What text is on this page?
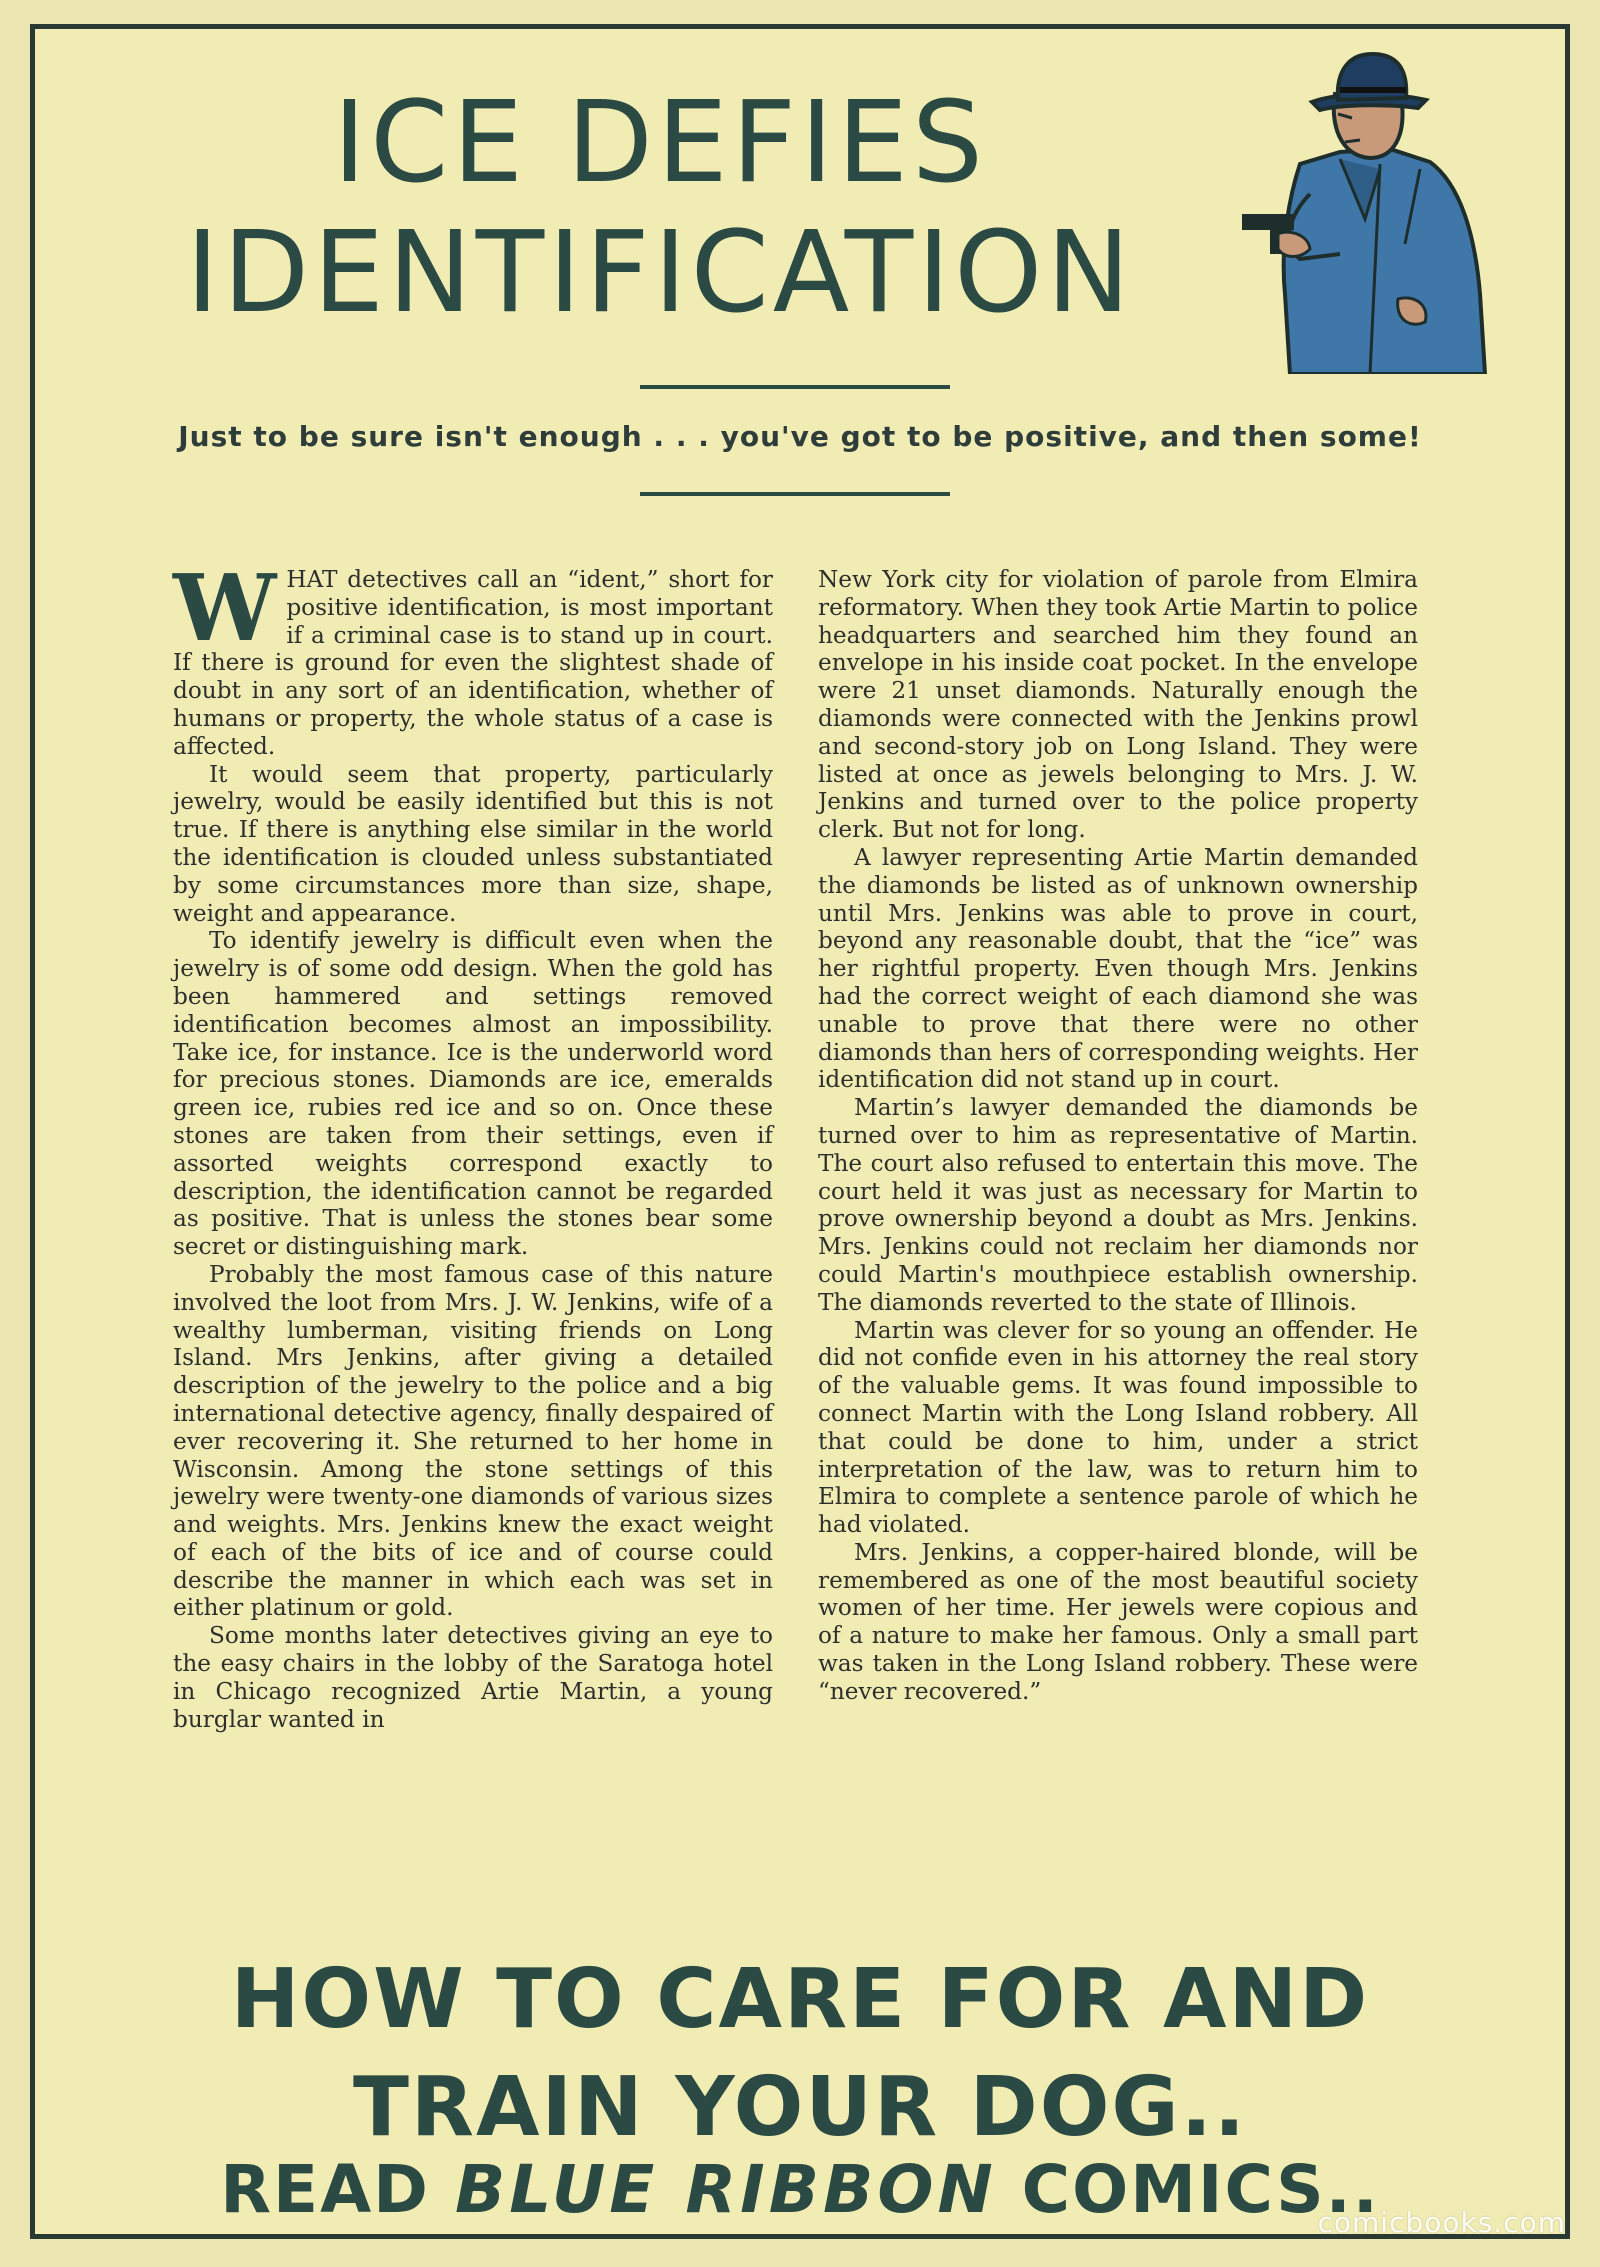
ICE DEFIES
IDENTIFICATION
Just to be sure isn't enough . . . you've got to be positive, and then some!

WHAT detectives call an “ident,” short for positive identification, is most important if a criminal case is to stand up in court. If there is ground for even the slightest shade of doubt in any sort of an identification, whether of humans or property, the whole status of a case is affected.

It would seem that property, particularly jewelry, would be easily identified but this is not true. If there is anything else similar in the world the identification is clouded unless substantiated by some circumstances more than size, shape, weight and appearance.

To identify jewelry is difficult even when the jewelry is of some odd design. When the gold has been hammered and settings removed identification becomes almost an impossibility. Take ice, for instance. Ice is the underworld word for precious stones. Diamonds are ice, emeralds green ice, rubies red ice and so on. Once these stones are taken from their settings, even if assorted weights correspond exactly to description, the identification cannot be regarded as positive. That is unless the stones bear some secret or distinguishing mark.

Probably the most famous case of this nature involved the loot from Mrs. J. W. Jenkins, wife of a wealthy lumberman, visiting friends on Long Island. Mrs Jenkins, after giving a detailed description of the jewelry to the police and a big international detective agency, finally despaired of ever recovering it. She returned to her home in Wisconsin. Among the stone settings of this jewelry were twenty-one diamonds of various sizes and weights. Mrs. Jenkins knew the exact weight of each of the bits of ice and of course could describe the manner in which each was set in either platinum or gold.

Some months later detectives giving an eye to the easy chairs in the lobby of the Saratoga hotel in Chicago recognized Artie Martin, a young burglar wanted in

New York city for violation of parole from Elmira reformatory. When they took Artie Martin to police headquarters and searched him they found an envelope in his inside coat pocket. In the envelope were 21 unset diamonds. Naturally enough the diamonds were connected with the Jenkins prowl and second-story job on Long Island. They were listed at once as jewels belonging to Mrs. J. W. Jenkins and turned over to the police property clerk. But not for long.

A lawyer representing Artie Martin demanded the diamonds be listed as of unknown ownership until Mrs. Jenkins was able to prove in court, beyond any reasonable doubt, that the “ice” was her rightful property. Even though Mrs. Jenkins had the correct weight of each diamond she was unable to prove that there were no other diamonds than hers of corresponding weights. Her identification did not stand up in court.

Martin’s lawyer demanded the diamonds be turned over to him as representative of Martin. The court also refused to entertain this move. The court held it was just as necessary for Martin to prove ownership beyond a doubt as Mrs. Jenkins. Mrs. Jenkins could not reclaim her diamonds nor could Martin's mouthpiece establish ownership. The diamonds reverted to the state of Illinois.

Martin was clever for so young an offender. He did not confide even in his attorney the real story of the valuable gems. It was found impossible to connect Martin with the Long Island robbery. All that could be done to him, under a strict interpretation of the law, was to return him to Elmira to complete a sentence parole of which he had violated.

Mrs. Jenkins, a copper-haired blonde, will be remembered as one of the most beautiful society women of her time. Her jewels were copious and of a nature to make her famous. Only a small part was taken in the Long Island robbery. These were “never recovered.”

HOW TO CARE FOR AND
TRAIN YOUR DOG..
READ BLUE RIBBON COMICS..
comicbooks.com
